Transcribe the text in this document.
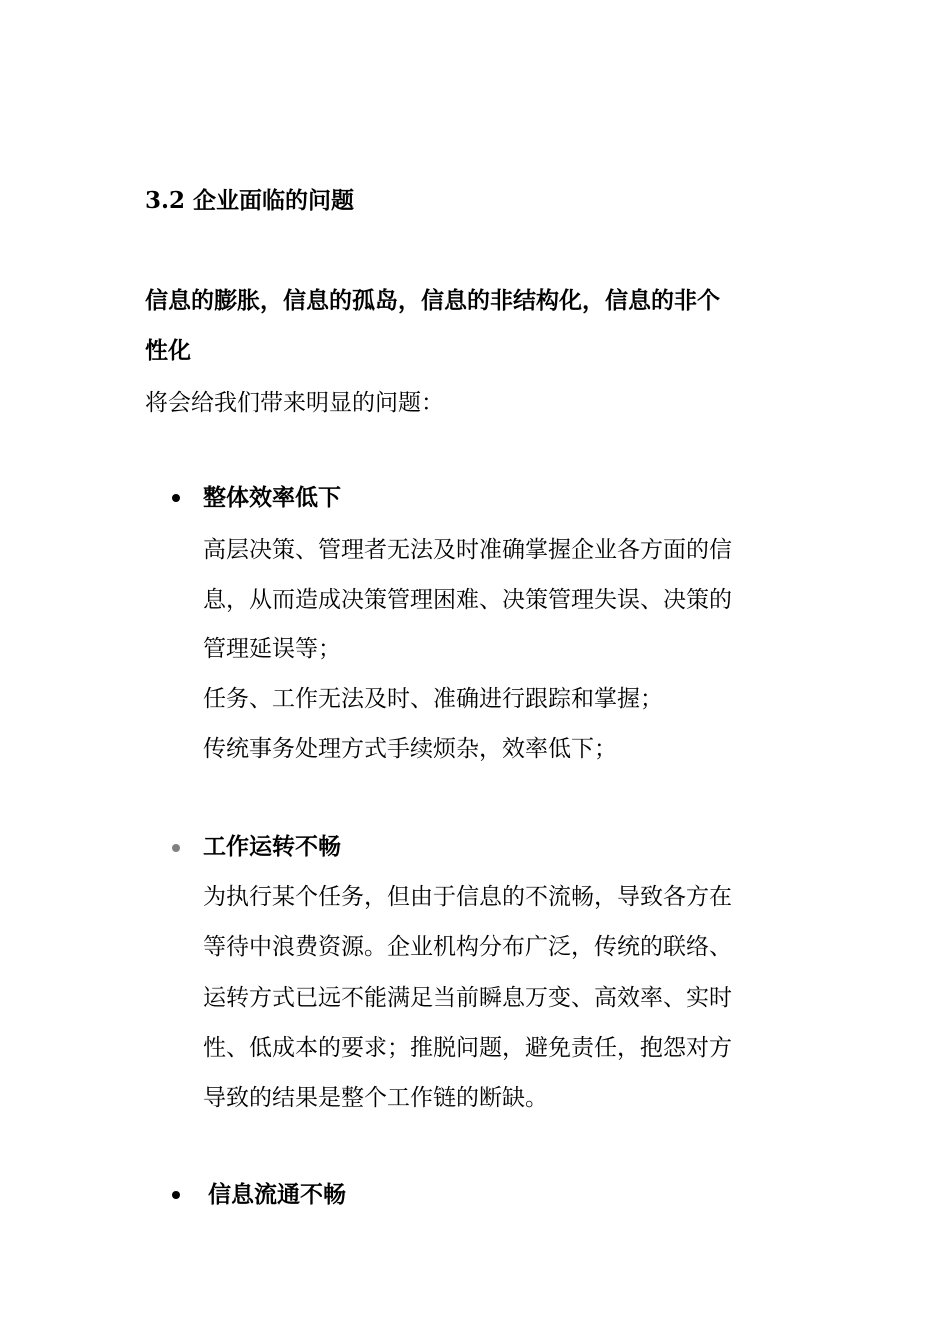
3.2 企业面临的问题
信息的膨胀，信息的孤岛，信息的非结构化，信息的非个
性化
将会给我们带来明显的问题：
整体效率低下
高层决策、管理者无法及时准确掌握企业各方面的信
息，从而造成决策管理困难、决策管理失误、决策的
管理延误等；
任务、工作无法及时、准确进行跟踪和掌握；
传统事务处理方式手续烦杂，效率低下；
工作运转不畅
为执行某个任务，但由于信息的不流畅，导致各方在
等待中浪费资源。企业机构分布广泛，传统的联络、
运转方式已远不能满足当前瞬息万变、高效率、实时
性、低成本的要求；推脱问题，避免责任，抱怨对方
导致的结果是整个工作链的断缺。
信息流通不畅
